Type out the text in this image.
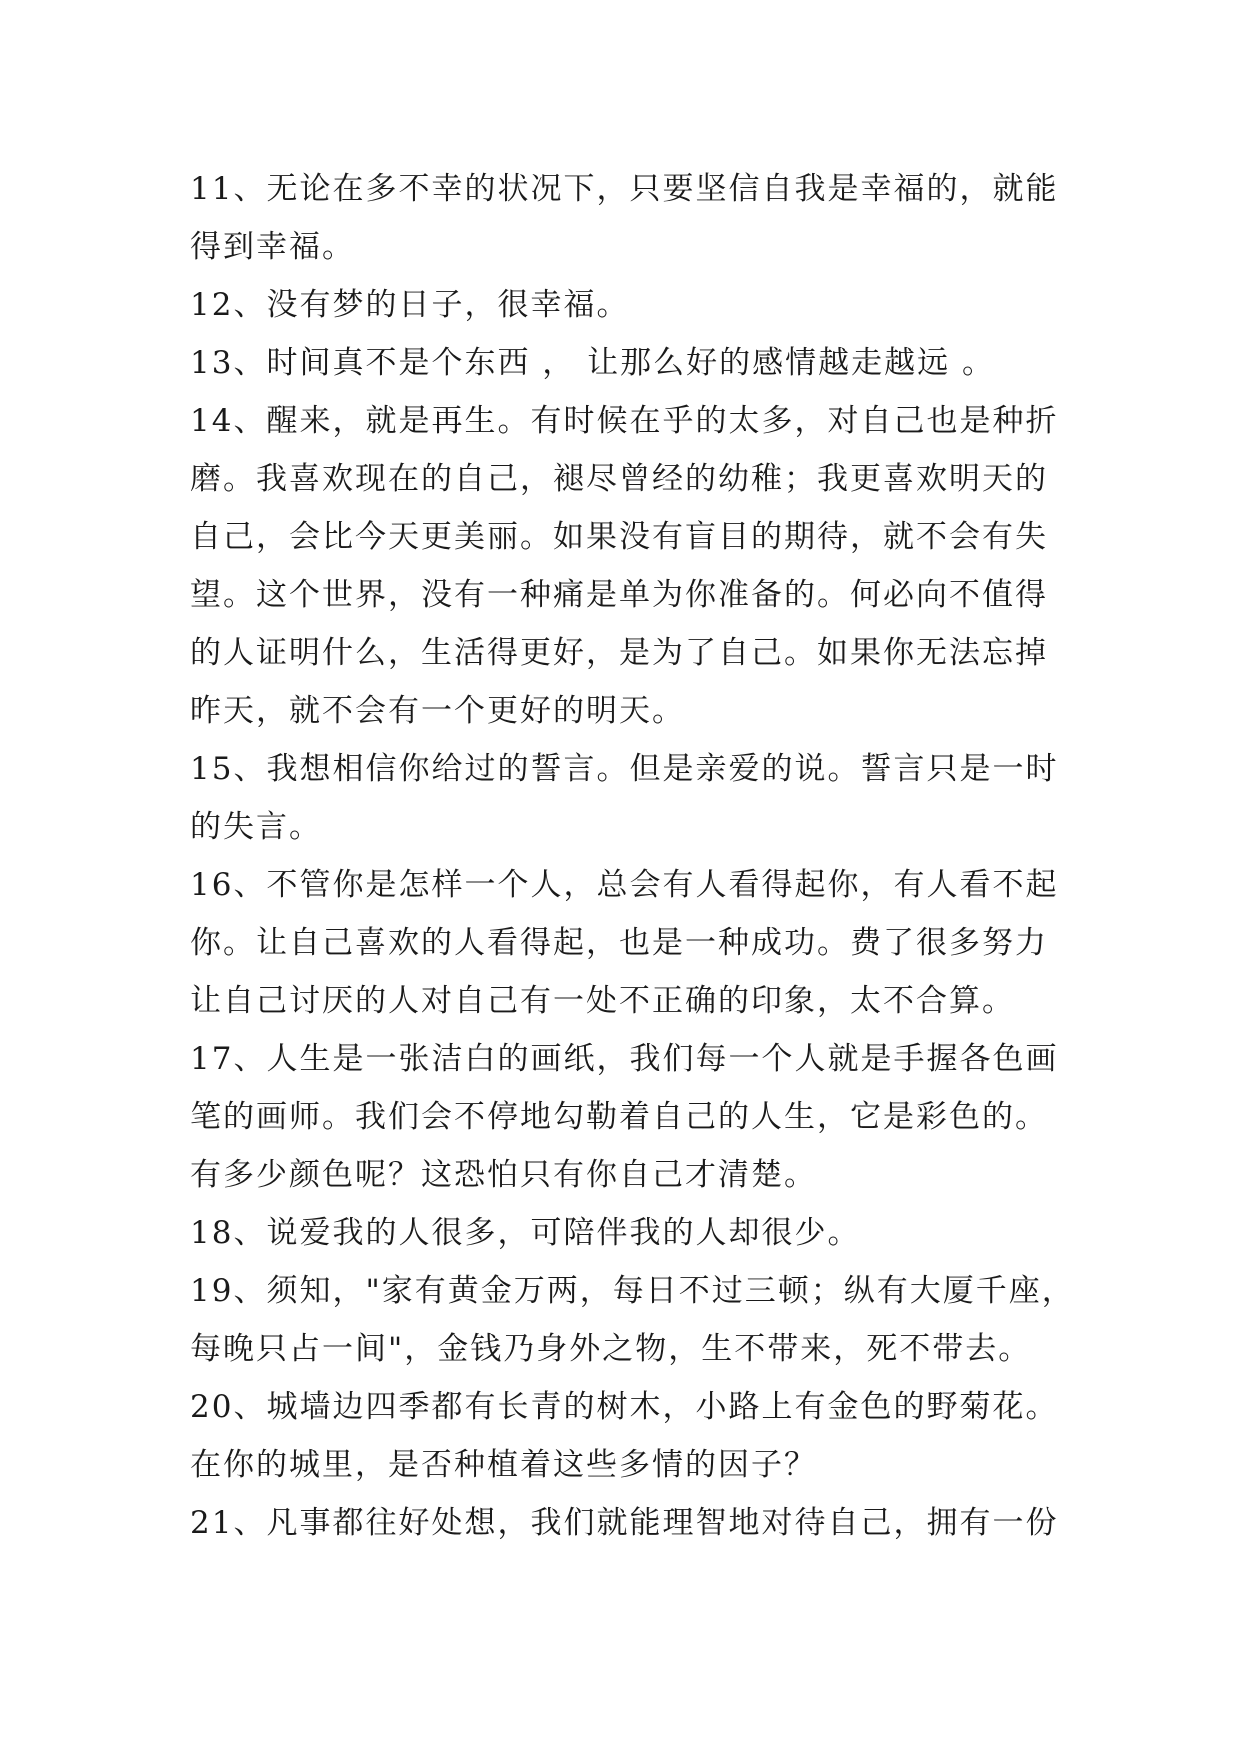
11、无论在多不幸的状况下，只要坚信自我是幸福的，就能
得到幸福。

12、没有梦的日子，很幸福。

13、时间真不是个东西 ， 让那么好的感情越走越远 。

14、醒来，就是再生。有时候在乎的太多，对自己也是种折
磨。我喜欢现在的自己，褪尽曾经的幼稚；我更喜欢明天的
自己，会比今天更美丽。如果没有盲目的期待，就不会有失
望。这个世界，没有一种痛是单为你准备的。何必向不值得
的人证明什么，生活得更好，是为了自己。如果你无法忘掉
昨天，就不会有一个更好的明天。

15、我想相信你给过的誓言。但是亲爱的说。誓言只是一时
的失言。

16、不管你是怎样一个人，总会有人看得起你，有人看不起
你。让自己喜欢的人看得起，也是一种成功。费了很多努力
让自己讨厌的人对自己有一处不正确的印象，太不合算。

17、人生是一张洁白的画纸，我们每一个人就是手握各色画
笔的画师。我们会不停地勾勒着自己的人生，它是彩色的。
有多少颜色呢？这恐怕只有你自己才清楚。

18、说爱我的人很多，可陪伴我的人却很少。

19、须知，"家有黄金万两，每日不过三顿；纵有大厦千座，
每晚只占一间"，金钱乃身外之物，生不带来，死不带去。

20、城墙边四季都有长青的树木，小路上有金色的野菊花。
在你的城里，是否种植着这些多情的因子？

21、凡事都往好处想，我们就能理智地对待自己，拥有一份
